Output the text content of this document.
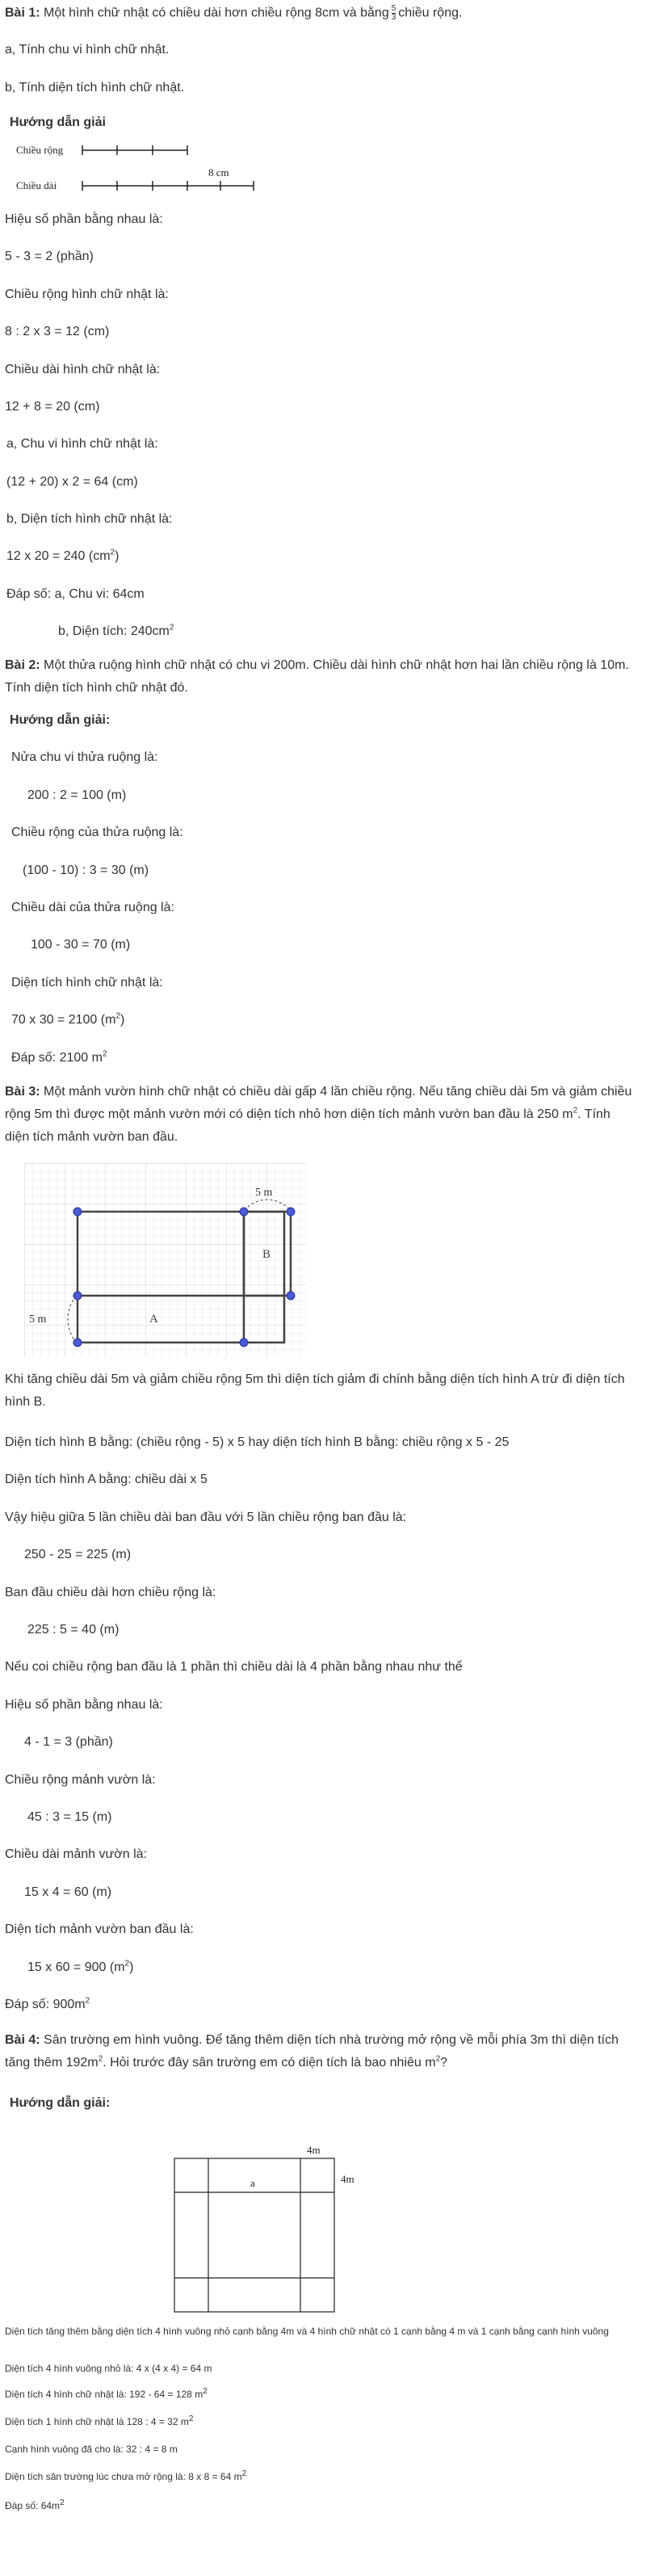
Bài 1: Một hình chữ nhật có chiều dài hơn chiều rộng 8cm và bằng $\frac{5}{3}$ chiều rộng.
a, Tính chu vi hình chữ nhật.
b, Tính diện tích hình chữ nhật.
Hướng dẫn giải
Chiều rộng
8 cm
Chiều dài
Hiệu số phần bằng nhau là:
5 - 3 = 2 (phần)
Chiều rộng hình chữ nhật là:
8 : 2 x 3 = 12 (cm)
Chiều dài hình chữ nhật là:
12 + 8 = 20 (cm)
a, Chu vi hình chữ nhật là:
(12 + 20) x 2 = 64 (cm)
b, Diện tích hình chữ nhật là:
12 x 20 = 240 $(cm^2)$
Đáp số: a, Chu vi: 64cm
b, Diện tích: $240cm^2$
Bài 2: Một thửa ruộng hình chữ nhật có chu vi 200m. Chiều dài hình chữ nhật hơn hai lần chiều rộng là 10m. Tính diện tích hình chữ nhật đó.
Hướng dẫn giải:
Nửa chu vi thửa ruộng là:
200 : 2 = 100 (m)
Chiều rộng của thửa ruộng là:
(100 - 10) : 3 = 30 (m)
Chiều dài của thửa ruộng là:
100 - 30 = 70 (m)
Diện tích hình chữ nhật là:
70 x 30 = 2100 $(m^2)$
Đáp số: 2100 $m^2$
Bài 3: Một mảnh vườn hình chữ nhật có chiều dài gấp 4 lần chiều rộng. Nếu tăng chiều dài 5m và giảm chiều rộng 5m thì được một mảnh vườn mới có diện tích nhỏ hơn diện tích mảnh vườn ban đầu là 250 $m^2$. Tính diện tích mảnh vườn ban đầu.
5 m
5 m	A
B
Khi tăng chiều dài 5m và giảm chiều rộng 5m thì diện tích giảm đi chính bằng diện tích hình A trừ đi diện tích hình B.
Diện tích hình B bằng: (chiều rộng - 5) x 5 hay diện tích hình B bằng: chiều rộng x 5 - 25
Diện tích hình A bằng: chiều dài x 5
Vậy hiệu giữa 5 lần chiều dài ban đầu với 5 lần chiều rộng ban đầu là:
250 - 25 = 225 (m)
Ban đầu chiều dài hơn chiều rộng là:
225 : 5 = 40 (m)
Nếu coi chiều rộng ban đầu là 1 phần thì chiều dài là 4 phần bằng nhau như thế
Hiệu số phần bằng nhau là:
4 - 1 = 3 (phần)
Chiều rộng mảnh vườn là:
45 : 3 = 15 (m)
Chiều dài mảnh vườn là:
15 x 4 = 60 (m)
Diện tích mảnh vườn ban đầu là:
15 x 60 = 900 $(m^2)$
Đáp số: $900m^2$
Bài 4: Sân trường em hình vuông. Để tăng thêm diện tích nhà trường mở rộng về mỗi phía 3m thì diện tích tăng thêm $192m^2$. Hỏi trước đây sân trường em có diện tích là bao nhiêu $m^2$?
Hướng dẫn giải:
4m
4m
a
Diện tích tăng thêm bằng diện tích 4 hình vuông nhỏ cạnh bằng 4m và 4 hình chữ nhật có 1 cạnh bằng 4 m và 1 cạnh bằng cạnh hình vuông
Diện tích 4 hình vuông nhỏ là: 4 x (4 x 4) = 64 m
Diện tích 4 hình chữ nhật là: 192 - 64 = 128 $m^2$
Diện tích 1 hình chữ nhật là 128 : 4 = 32 $m^2$
Cạnh hình vuông đã cho là: 32 : 4 = 8 m
Diện tích sân trường lúc chưa mở rộng là: 8 x 8 = 64 $m^2$
Đáp số: $64m^2$
